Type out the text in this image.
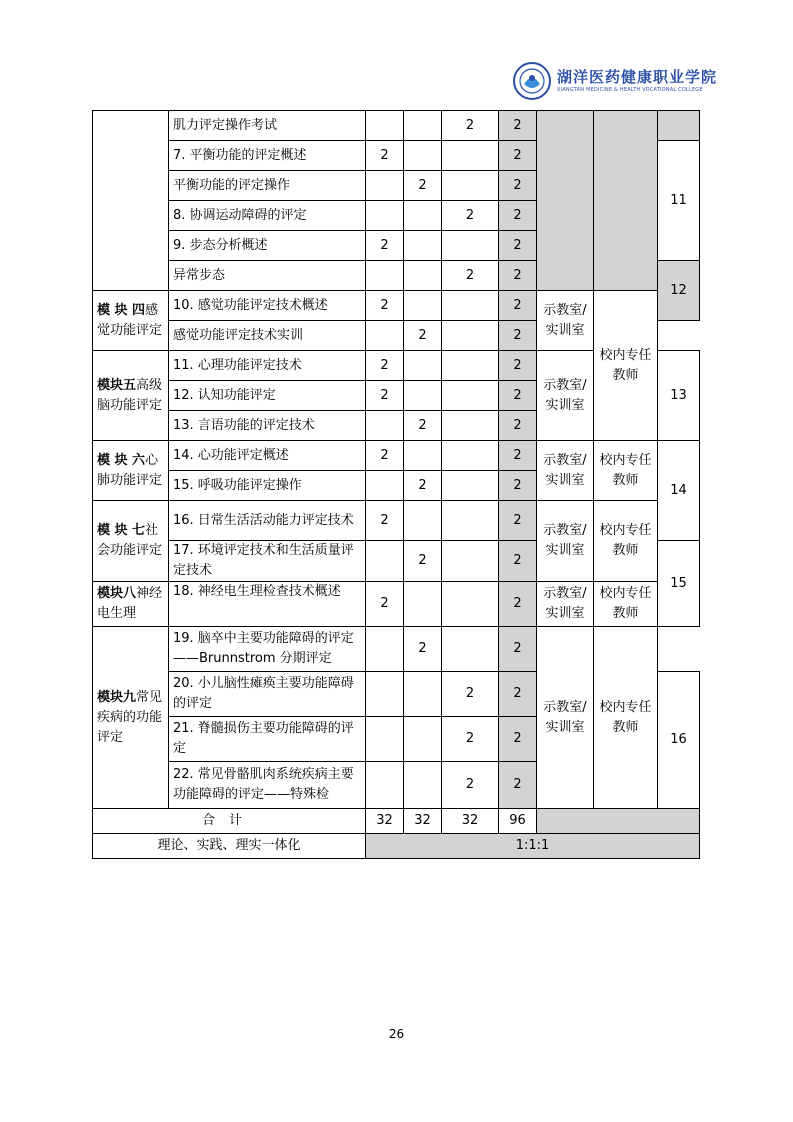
湖洋医药健康职业学院
XIANGTAN MEDICINE & HEALTH VOCATIONAL COLLEGE
	肌力评定操作考试			2	2			
	7. 平衡功能的评定概述	2			2			11
	平衡功能的评定操作		2		2			
	8. 协调运动障碍的评定			2	2			
	9. 步态分析概述	2			2			
	异常步态			2	2			12
模 块 四感觉功能评定	10. 感觉功能评定技术概述	2			2	示教室/实训室	校内专任教师	
	感觉功能评定技术实训		2		2			
模块五高级脑功能评定	11. 心理功能评定技术	2			2	示教室/实训室		13
	12. 认知功能评定	2			2			
	13. 言语功能的评定技术		2		2			
模 块 六心肺功能评定	14. 心功能评定概述	2			2	示教室/实训室	校内专任教师	14
	15. 呼吸功能评定操作		2		2			
模 块 七社会功能评定	16. 日常生活活动能力评定技术	2			2	示教室/实训室	校内专任教师	
	17. 环境评定技术和生活质量评定技术		2		2			15
模块八神经电生理	18. 神经电生理检查技术概述	2			2	示教室/实训室	校内专任教师	
模块九常见疾病的功能评定	19. 脑卒中主要功能障碍的评定——Brunnstrom 分期评定		2		2	示教室/实训室	校内专任教师	
	20. 小儿脑性瘫痪主要功能障碍的评定			2	2			16
	21. 脊髓损伤主要功能障碍的评定			2	2			
	22. 常见骨骼肌肉系统疾病主要功能障碍的评定——特殊检			2	2			
合计		32	32	32	96			
理论、实践、理实一体化		1:1:1						
26
